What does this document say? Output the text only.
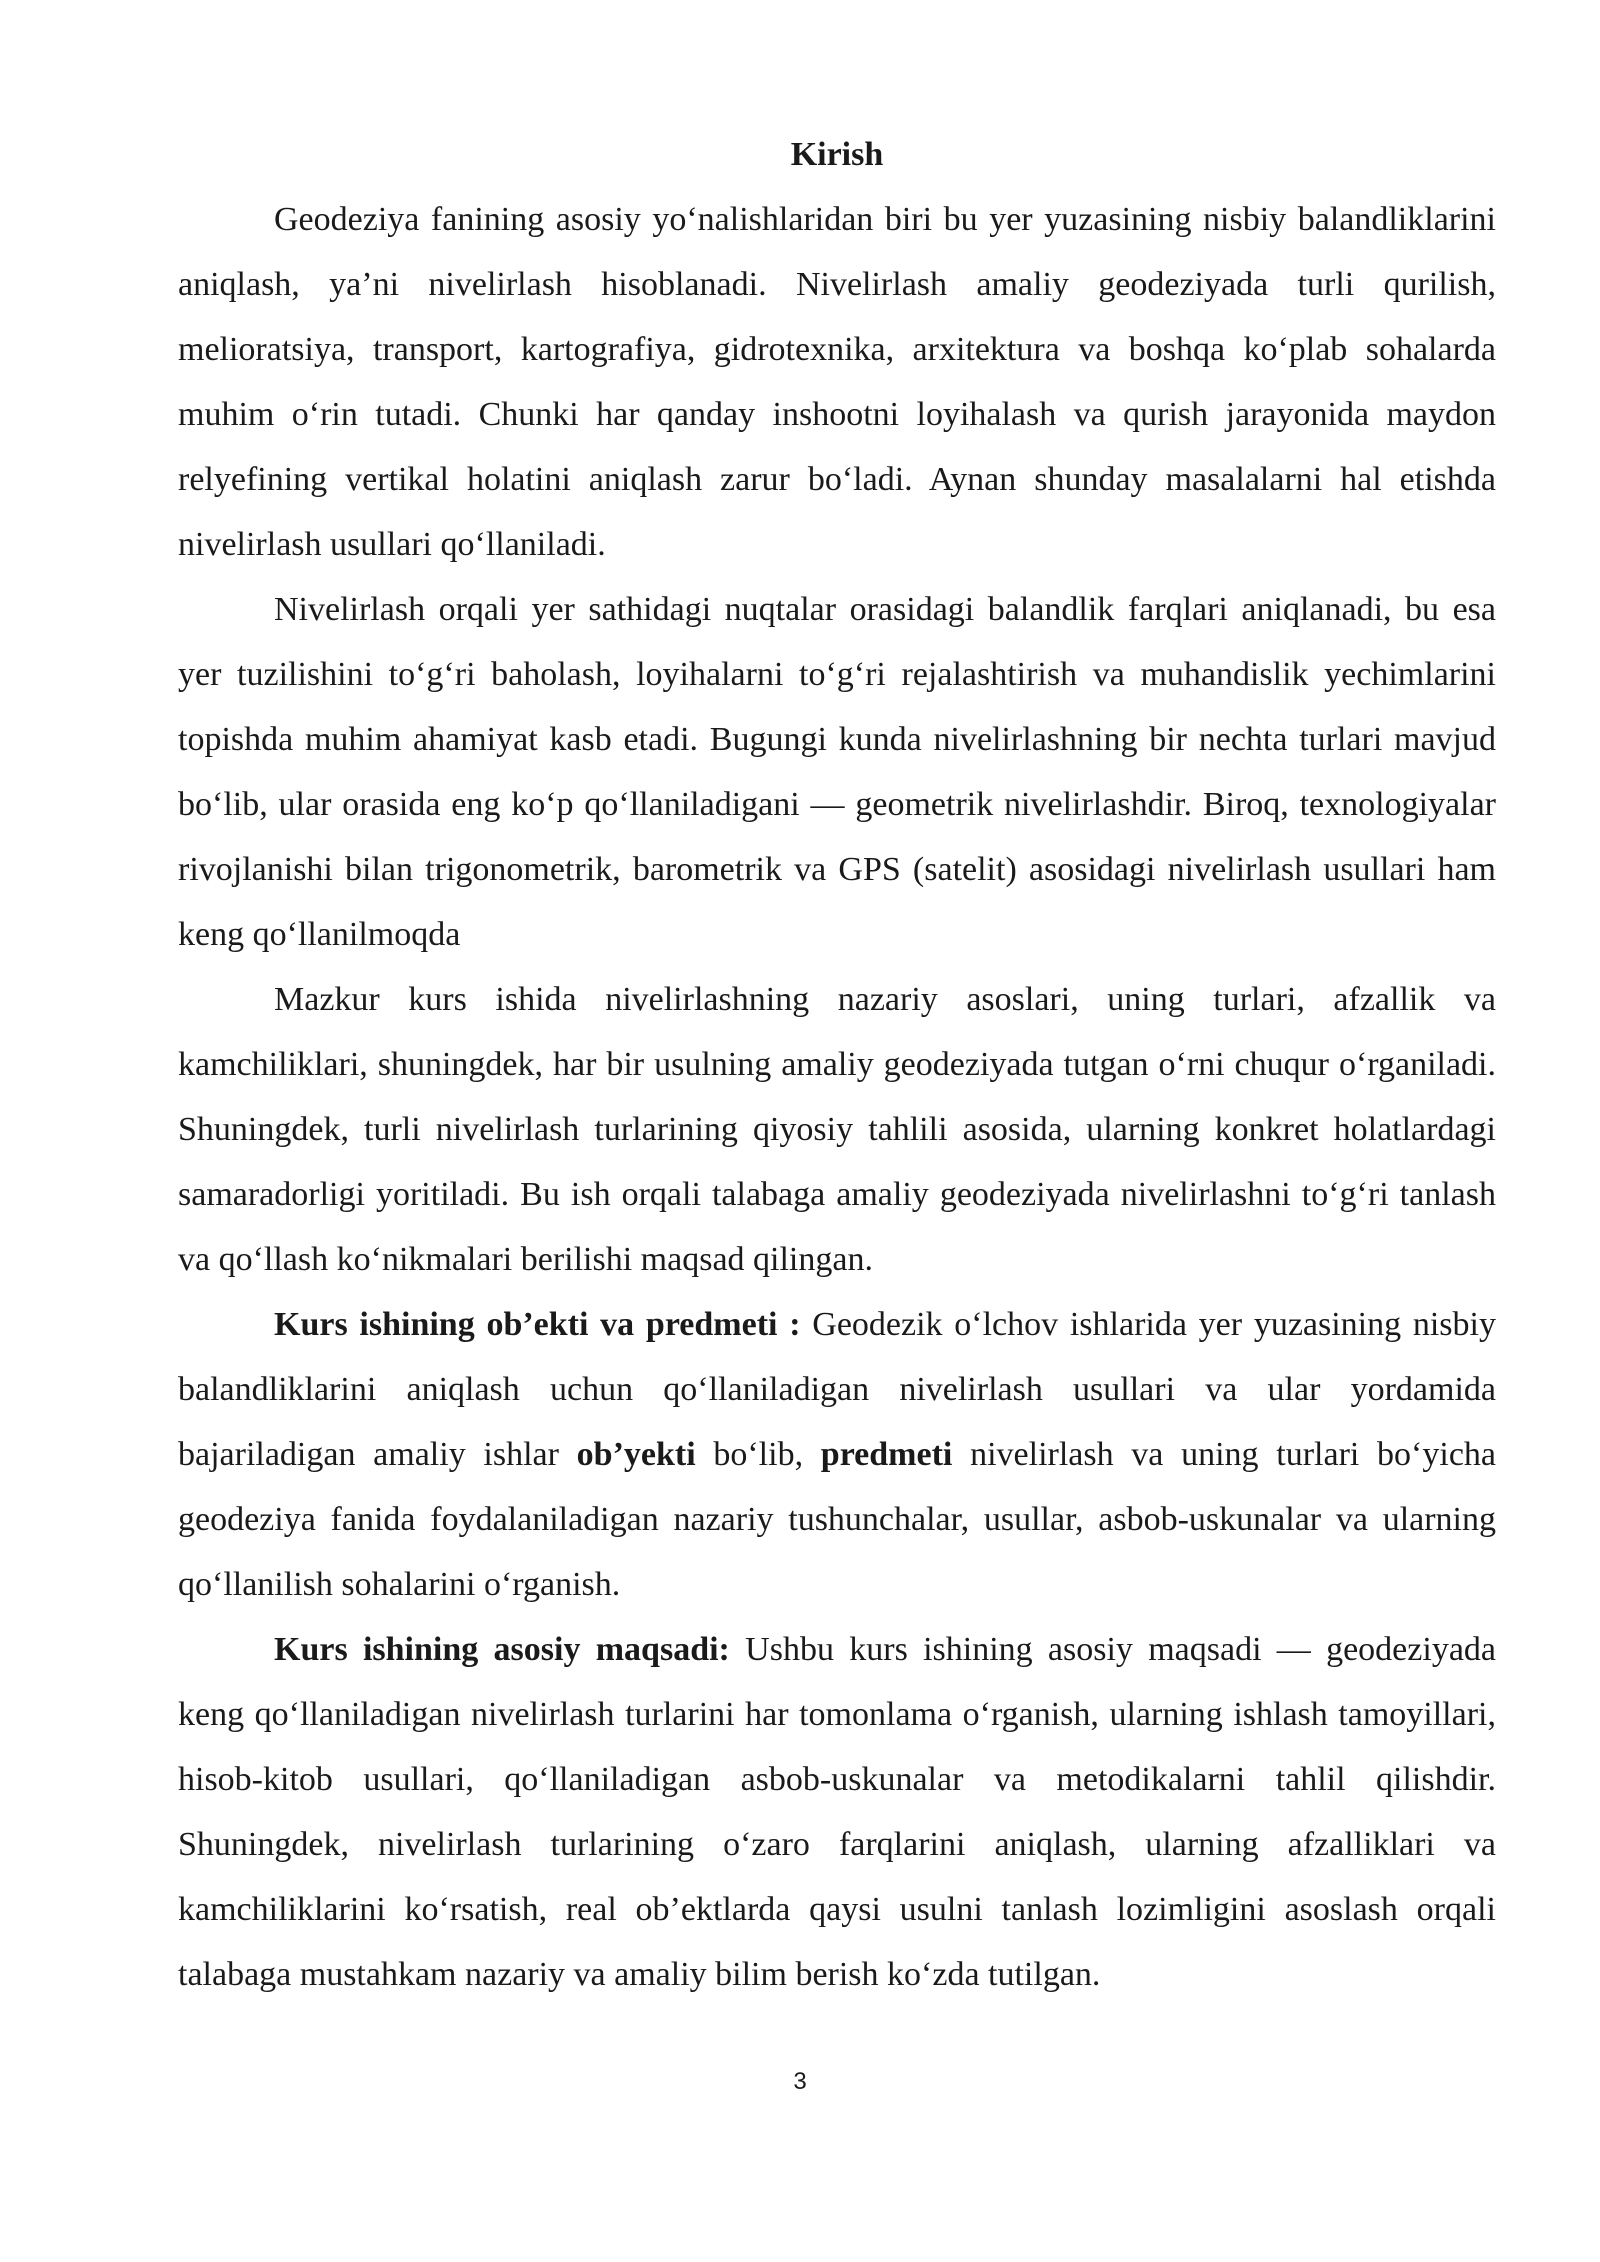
Kirish

Geodeziya fanining asosiy yo‘nalishlaridan biri bu yer yuzasining nisbiy balandliklarini aniqlash, ya’ni nivelirlash hisoblanadi. Nivelirlash amaliy geodeziyada turli qurilish, melioratsiya, transport, kartografiya, gidrotexnika, arxitektura va boshqa ko‘plab sohalarda muhim o‘rin tutadi. Chunki har qanday inshootni loyihalash va qurish jarayonida maydon relyefining vertikal holatini aniqlash zarur bo‘ladi. Aynan shunday masalalarni hal etishda nivelirlash usullari qo‘llaniladi.

Nivelirlash orqali yer sathidagi nuqtalar orasidagi balandlik farqlari aniqlanadi, bu esa yer tuzilishini to‘g‘ri baholash, loyihalarni to‘g‘ri rejalashtirish va muhandislik yechimlarini topishda muhim ahamiyat kasb etadi. Bugungi kunda nivelirlashning bir nechta turlari mavjud bo‘lib, ular orasida eng ko‘p qo‘llaniladigani — geometrik nivelirlashdir. Biroq, texnologiyalar rivojlanishi bilan trigonometrik, barometrik va GPS (satelit) asosidagi nivelirlash usullari ham keng qo‘llanilmoqda

Mazkur kurs ishida nivelirlashning nazariy asoslari, uning turlari, afzallik va kamchiliklari, shuningdek, har bir usulning amaliy geodeziyada tutgan o‘rni chuqur o‘rganiladi. Shuningdek, turli nivelirlash turlarining qiyosiy tahlili asosida, ularning konkret holatlardagi samaradorligi yoritiladi. Bu ish orqali talabaga amaliy geodeziyada nivelirlashni to‘g‘ri tanlash va qo‘llash ko‘nikmalari berilishi maqsad qilingan.

Kurs ishining ob’ekti va predmeti : Geodezik o‘lchov ishlarida yer yuzasining nisbiy balandliklarini aniqlash uchun qo‘llaniladigan nivelirlash usullari va ular yordamida bajariladigan amaliy ishlar ob’yekti bo‘lib, predmeti nivelirlash va uning turlari bo‘yicha geodeziya fanida foydalaniladigan nazariy tushunchalar, usullar, asbob-uskunalar va ularning qo‘llanilish sohalarini o‘rganish.

Kurs ishining asosiy maqsadi: Ushbu kurs ishining asosiy maqsadi — geodeziyada keng qo‘llaniladigan nivelirlash turlarini har tomonlama o‘rganish, ularning ishlash tamoyillari, hisob-kitob usullari, qo‘llaniladigan asbob-uskunalar va metodikalarni tahlil qilishdir. Shuningdek, nivelirlash turlarining o‘zaro farqlarini aniqlash, ularning afzalliklari va kamchiliklarini ko‘rsatish, real ob’ektlarda qaysi usulni tanlash lozimligini asoslash orqali talabaga mustahkam nazariy va amaliy bilim berish ko‘zda tutilgan.

3
